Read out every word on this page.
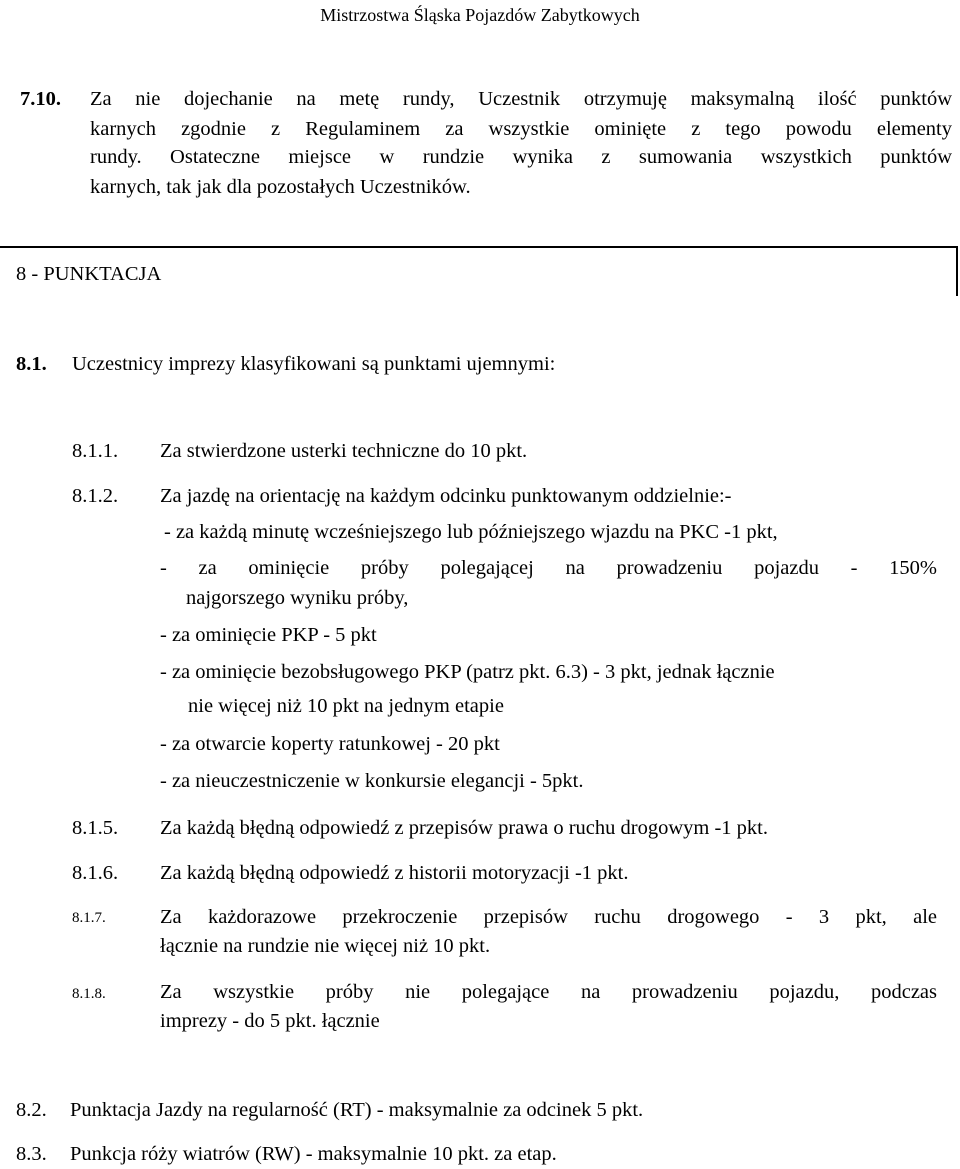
Mistrzostwa Śląska Pojazdów Zabytkowych
7.10. Za nie dojechanie na metę rundy, Uczestnik otrzymuję maksymalną ilość punktów
karnych zgodnie z Regulaminem za wszystkie ominięte z tego powodu elementy
rundy. Ostateczne miejsce w rundzie wynika z sumowania wszystkich punktów
karnych, tak jak dla pozostałych Uczestników.
8 - PUNKTACJA
8.1. Uczestnicy imprezy klasyfikowani są punktami ujemnymi:
8.1.1. Za stwierdzone usterki techniczne do 10 pkt.
8.1.2. Za jazdę na orientację na każdym odcinku punktowanym oddzielnie:-
- za każdą minutę wcześniejszego lub późniejszego wjazdu na PKC -1 pkt,
- za ominięcie próby polegającej na prowadzeniu pojazdu - 150%
najgorszego wyniku próby,
- za ominięcie PKP - 5 pkt
- za ominięcie bezobsługowego PKP (patrz pkt. 6.3) - 3 pkt, jednak łącznie
nie więcej niż 10 pkt na jednym etapie
- za otwarcie koperty ratunkowej - 20 pkt
- za nieuczestniczenie w konkursie elegancji - 5pkt.
8.1.5. Za każdą błędną odpowiedź z przepisów prawa o ruchu drogowym -1 pkt.
8.1.6. Za każdą błędną odpowiedź z historii motoryzacji -1 pkt.
8.1.7.	Za każdorazowe przekroczenie przepisów ruchu drogowego - 3 pkt, ale
łącznie na rundzie nie więcej niż 10 pkt.
8.1.8.	Za wszystkie próby nie polegające na prowadzeniu pojazdu, podczas
imprezy - do 5 pkt. łącznie
8.2. Punktacja Jazdy na regularność (RT) - maksymalnie za odcinek 5 pkt.
8.3. Punkcja róży wiatrów (RW) - maksymalnie 10 pkt. za etap.
